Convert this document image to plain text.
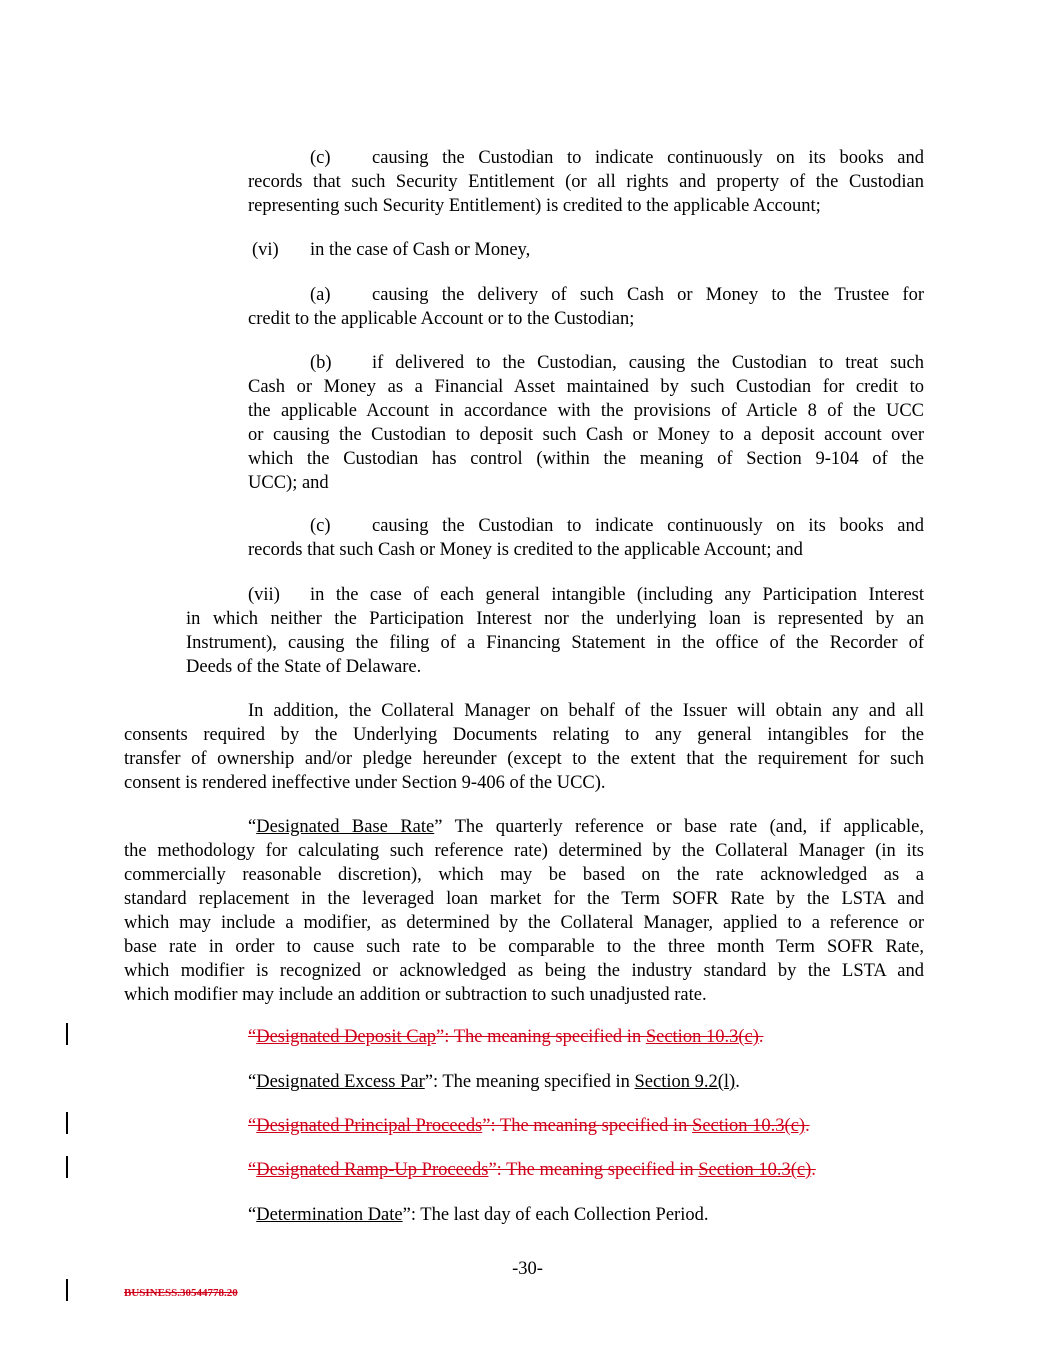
(c) causing the Custodian to indicate continuously on its books and
records that such Security Entitlement (or all rights and property of the Custodian
representing such Security Entitlement) is credited to the applicable Account;
(vi) in the case of Cash or Money,
(a) causing the delivery of such Cash or Money to the Trustee for
credit to the applicable Account or to the Custodian;
(b) if delivered to the Custodian, causing the Custodian to treat such
Cash or Money as a Financial Asset maintained by such Custodian for credit to
the applicable Account in accordance with the provisions of Article 8 of the UCC
or causing the Custodian to deposit such Cash or Money to a deposit account over
which the Custodian has control (within the meaning of Section 9-104 of the
UCC); and
(c) causing the Custodian to indicate continuously on its books and
records that such Cash or Money is credited to the applicable Account; and
(vii) in the case of each general intangible (including any Participation Interest
in which neither the Participation Interest nor the underlying loan is represented by an
Instrument), causing the filing of a Financing Statement in the office of the Recorder of
Deeds of the State of Delaware.
In addition, the Collateral Manager on behalf of the Issuer will obtain any and all
consents required by the Underlying Documents relating to any general intangibles for the
transfer of ownership and/or pledge hereunder (except to the extent that the requirement for such
consent is rendered ineffective under Section 9-406 of the UCC).
“Designated Base Rate” The quarterly reference or base rate (and, if applicable,
the methodology for calculating such reference rate) determined by the Collateral Manager (in its
commercially reasonable discretion), which may be based on the rate acknowledged as a
standard replacement in the leveraged loan market for the Term SOFR Rate by the LSTA and
which may include a modifier, as determined by the Collateral Manager, applied to a reference or
base rate in order to cause such rate to be comparable to the three month Term SOFR Rate,
which modifier is recognized or acknowledged as being the industry standard by the LSTA and
which modifier may include an addition or subtraction to such unadjusted rate.
“Designated Deposit Cap”: The meaning specified in Section 10.3(c).
“Designated Excess Par”: The meaning specified in Section 9.2(l).
“Designated Principal Proceeds”: The meaning specified in Section 10.3(c).
“Designated Ramp-Up Proceeds”: The meaning specified in Section 10.3(c).
“Determination Date”: The last day of each Collection Period.
-30-
BUSINESS.30544778.20
